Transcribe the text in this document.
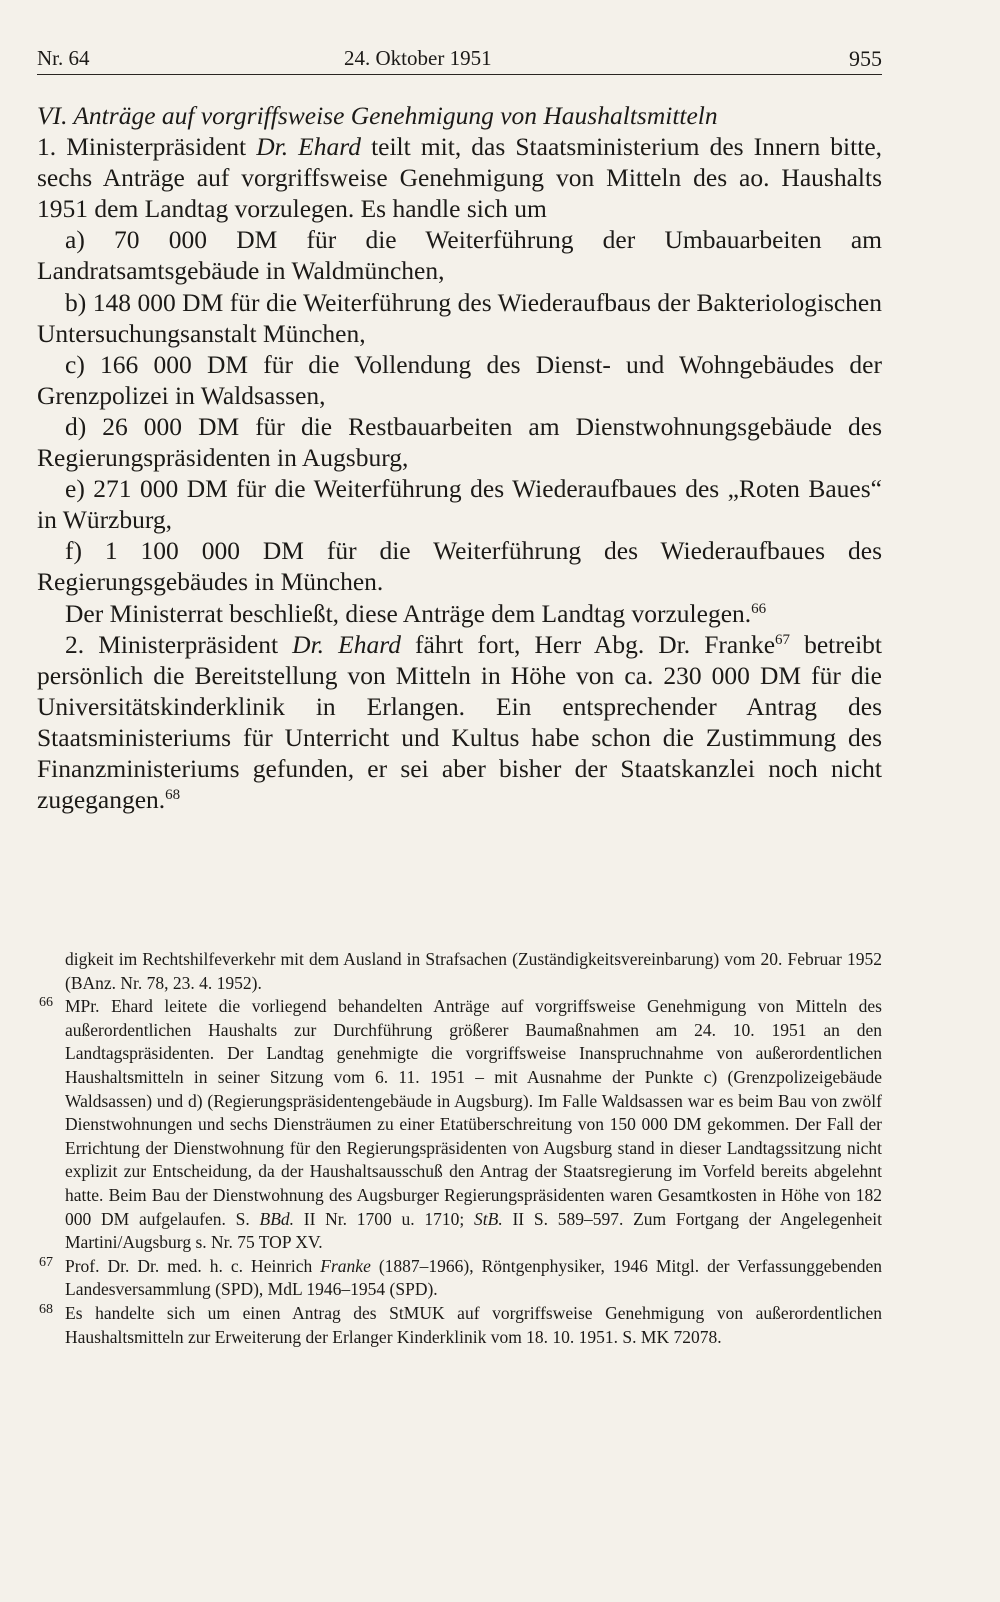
Nr. 64	24. Oktober 1951	955

VI. Anträge auf vorgriffsweise Genehmigung von Haushaltsmitteln

1. Ministerpräsident Dr. Ehard teilt mit, das Staatsministerium des Innern bitte, sechs Anträge auf vorgriffsweise Genehmigung von Mitteln des ao. Haushalts 1951 dem Landtag vorzulegen. Es handle sich um

a) 70 000 DM für die Weiterführung der Umbauarbeiten am Landratsamtsgebäude in Waldmünchen,

b) 148 000 DM für die Weiterführung des Wiederaufbaus der Bakteriologischen Untersuchungsanstalt München,

c) 166 000 DM für die Vollendung des Dienst- und Wohngebäudes der Grenzpolizei in Waldsassen,

d) 26 000 DM für die Restbauarbeiten am Dienstwohnungsgebäude des Regierungspräsidenten in Augsburg,

e) 271 000 DM für die Weiterführung des Wiederaufbaues des „Roten Baues“ in Würzburg,

f) 1 100 000 DM für die Weiterführung des Wiederaufbaues des Regierungsgebäudes in München.

Der Ministerrat beschließt, diese Anträge dem Landtag vorzulegen.$^{66}$

2. Ministerpräsident Dr. Ehard fährt fort, Herr Abg. Dr. Franke$^{67}$ betreibt persönlich die Bereitstellung von Mitteln in Höhe von ca. 230 000 DM für die Universitätskinderklinik in Erlangen. Ein entsprechender Antrag des Staatsministeriums für Unterricht und Kultus habe schon die Zustimmung des Finanzministeriums gefunden, er sei aber bisher der Staatskanzlei noch nicht zugegangen.$^{68}$

digkeit im Rechtshilfeverkehr mit dem Ausland in Strafsachen (Zuständigkeitsvereinbarung) vom 20. Februar 1952 (BAnz. Nr. 78, 23. 4. 1952).

66 MPr. Ehard leitete die vorliegend behandelten Anträge auf vorgriffsweise Genehmigung von Mitteln des außerordentlichen Haushalts zur Durchführung größerer Baumaßnahmen am 24. 10. 1951 an den Landtagspräsidenten. Der Landtag genehmigte die vorgriffsweise Inanspruchnahme von außerordentlichen Haushaltsmitteln in seiner Sitzung vom 6. 11. 1951 – mit Ausnahme der Punkte c) (Grenzpolizeigebäude Waldsassen) und d) (Regierungspräsidentengebäude in Augsburg). Im Falle Waldsassen war es beim Bau von zwölf Dienstwohnungen und sechs Diensträumen zu einer Etatüberschreitung von 150 000 DM gekommen. Der Fall der Errichtung der Dienstwohnung für den Regierungspräsidenten von Augsburg stand in dieser Landtagssitzung nicht explizit zur Entscheidung, da der Haushaltsausschuß den Antrag der Staatsregierung im Vorfeld bereits abgelehnt hatte. Beim Bau der Dienstwohnung des Augsburger Regierungspräsidenten waren Gesamtkosten in Höhe von 182 000 DM aufgelaufen. S. BBd. II Nr. 1700 u. 1710; StB. II S. 589–597. Zum Fortgang der Angelegenheit Martini/Augsburg s. Nr. 75 TOP XV.

67 Prof. Dr. Dr. med. h. c. Heinrich Franke (1887–1966), Röntgenphysiker, 1946 Mitgl. der Verfassunggebenden Landesversammlung (SPD), MdL 1946–1954 (SPD).

68 Es handelte sich um einen Antrag des StMUK auf vorgriffsweise Genehmigung von außerordentlichen Haushaltsmitteln zur Erweiterung der Erlanger Kinderklinik vom 18. 10. 1951. S. MK 72078.
